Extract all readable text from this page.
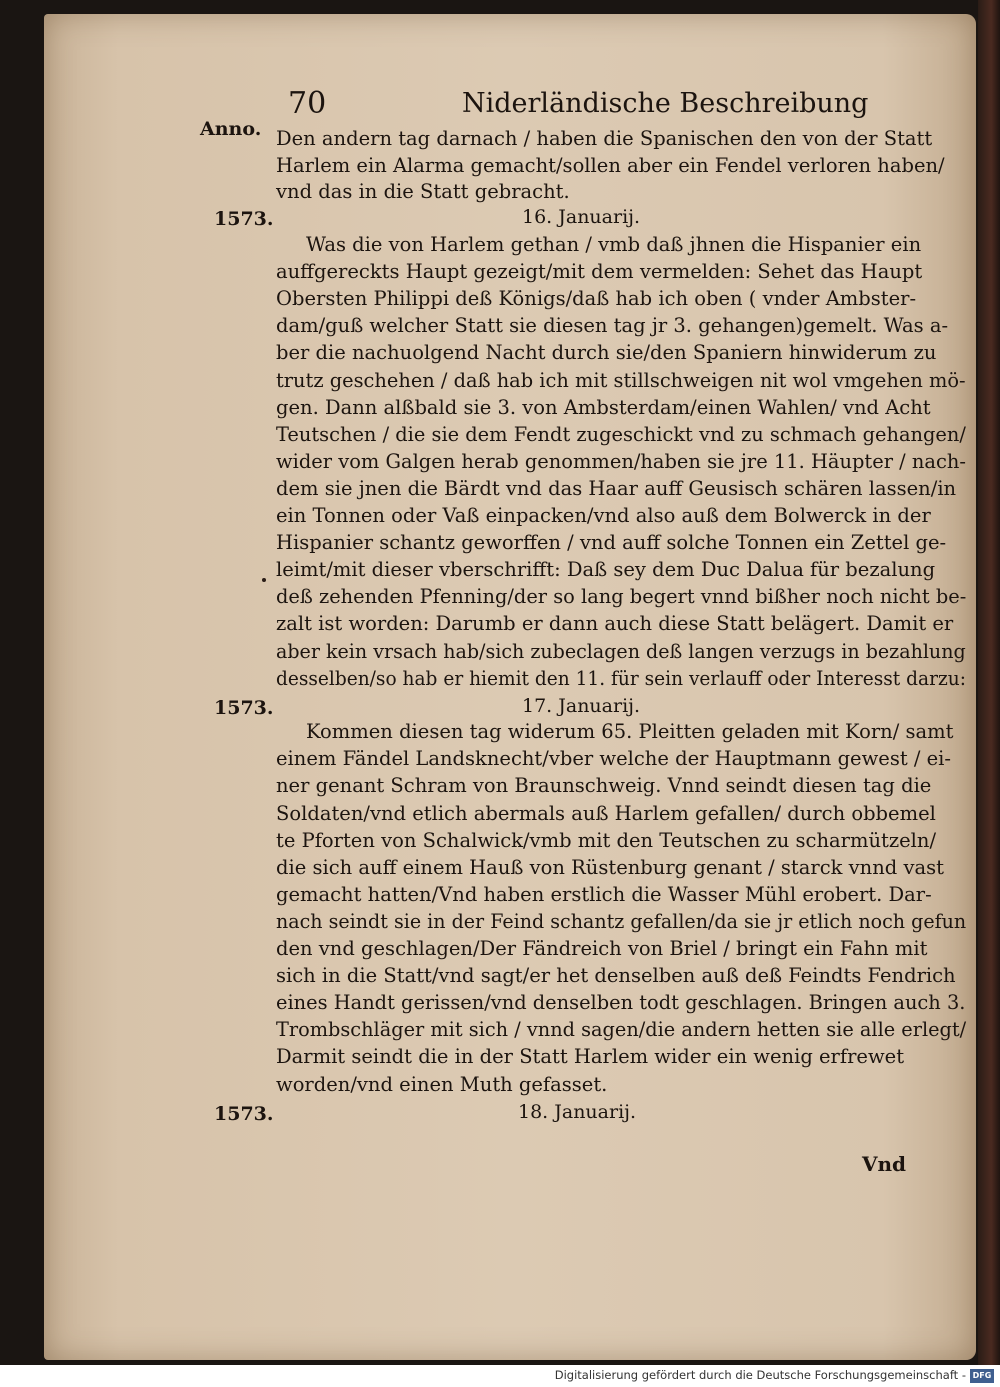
70	Niderländische Beschreibung
Anno. Den andern tag darnach / haben die Spanischen den von der Statt
Harlem ein Alarma gemacht/sollen aber ein Fendel verloren haben/
vnd das in die Statt gebracht.
1573.	16. Januarij.
Was die von Harlem gethan / vmb daß jhnen die Hispanier ein
auffgereckts Haupt gezeigt/mit dem vermelden: Sehet das Haupt
Obersten Philippi deß Königs/daß hab ich oben ( vnder Ambster-
dam/guß welcher Statt sie diesen tag jr 3. gehangen)gemelt. Was a-
ber die nachuolgend Nacht durch sie/den Spaniern hinwiderum zu
trutz geschehen / daß hab ich mit stillschweigen nit wol vmgehen mö-
gen. Dann alßbald sie 3. von Ambsterdam/einen Wahlen/ vnd Acht
Teutschen / die sie dem Fendt zugeschickt vnd zu schmach gehangen/
wider vom Galgen herab genommen/haben sie jre 11. Häupter / nach-
dem sie jnen die Bärdt vnd das Haar auff Geusisch schären lassen/in
ein Tonnen oder Vaß einpacken/vnd also auß dem Bolwerck in der
Hispanier schantz geworffen / vnd auff solche Tonnen ein Zettel ge-
leimt/mit dieser vberschrifft: Daß sey dem Duc Dalua für bezalung
deß zehenden Pfenning/der so lang begert vnnd bißher noch nicht be-
zalt ist worden: Darumb er dann auch diese Statt belägert. Damit er
aber kein vrsach hab/sich zubeclagen deß langen verzugs in bezahlung
desselben/so hab er hiemit den 11. für sein verlauff oder Interesst darzu:
1573.	17. Januarij.
Kommen diesen tag widerum 65. Pleitten geladen mit Korn/ samt
einem Fändel Landsknecht/vber welche der Hauptmann gewest / ei-
ner genant Schram von Braunschweig. Vnnd seindt diesen tag die
Soldaten/vnd etlich abermals auß Harlem gefallen/ durch obbemel
te Pforten von Schalwick/vmb mit den Teutschen zu scharmützeln/
die sich auff einem Hauß von Rüstenburg genant / starck vnnd vast
gemacht hatten/Vnd haben erstlich die Wasser Mühl erobert. Dar-
nach seindt sie in der Feind schantz gefallen/da sie jr etlich noch gefun
den vnd geschlagen/Der Fändreich von Briel / bringt ein Fahn mit
sich in die Statt/vnd sagt/er het denselben auß deß Feindts Fendrich
eines Handt gerissen/vnd denselben todt geschlagen. Bringen auch 3.
Trombschläger mit sich / vnnd sagen/die andern hetten sie alle erlegt/
Darmit seindt die in der Statt Harlem wider ein wenig erfrewet
worden/vnd einen Muth gefasset.
1573.	18. Januarij.
Vnd
Digitalisierung gefördert durch die Deutsche Forschungsgemeinschaft - DFG
